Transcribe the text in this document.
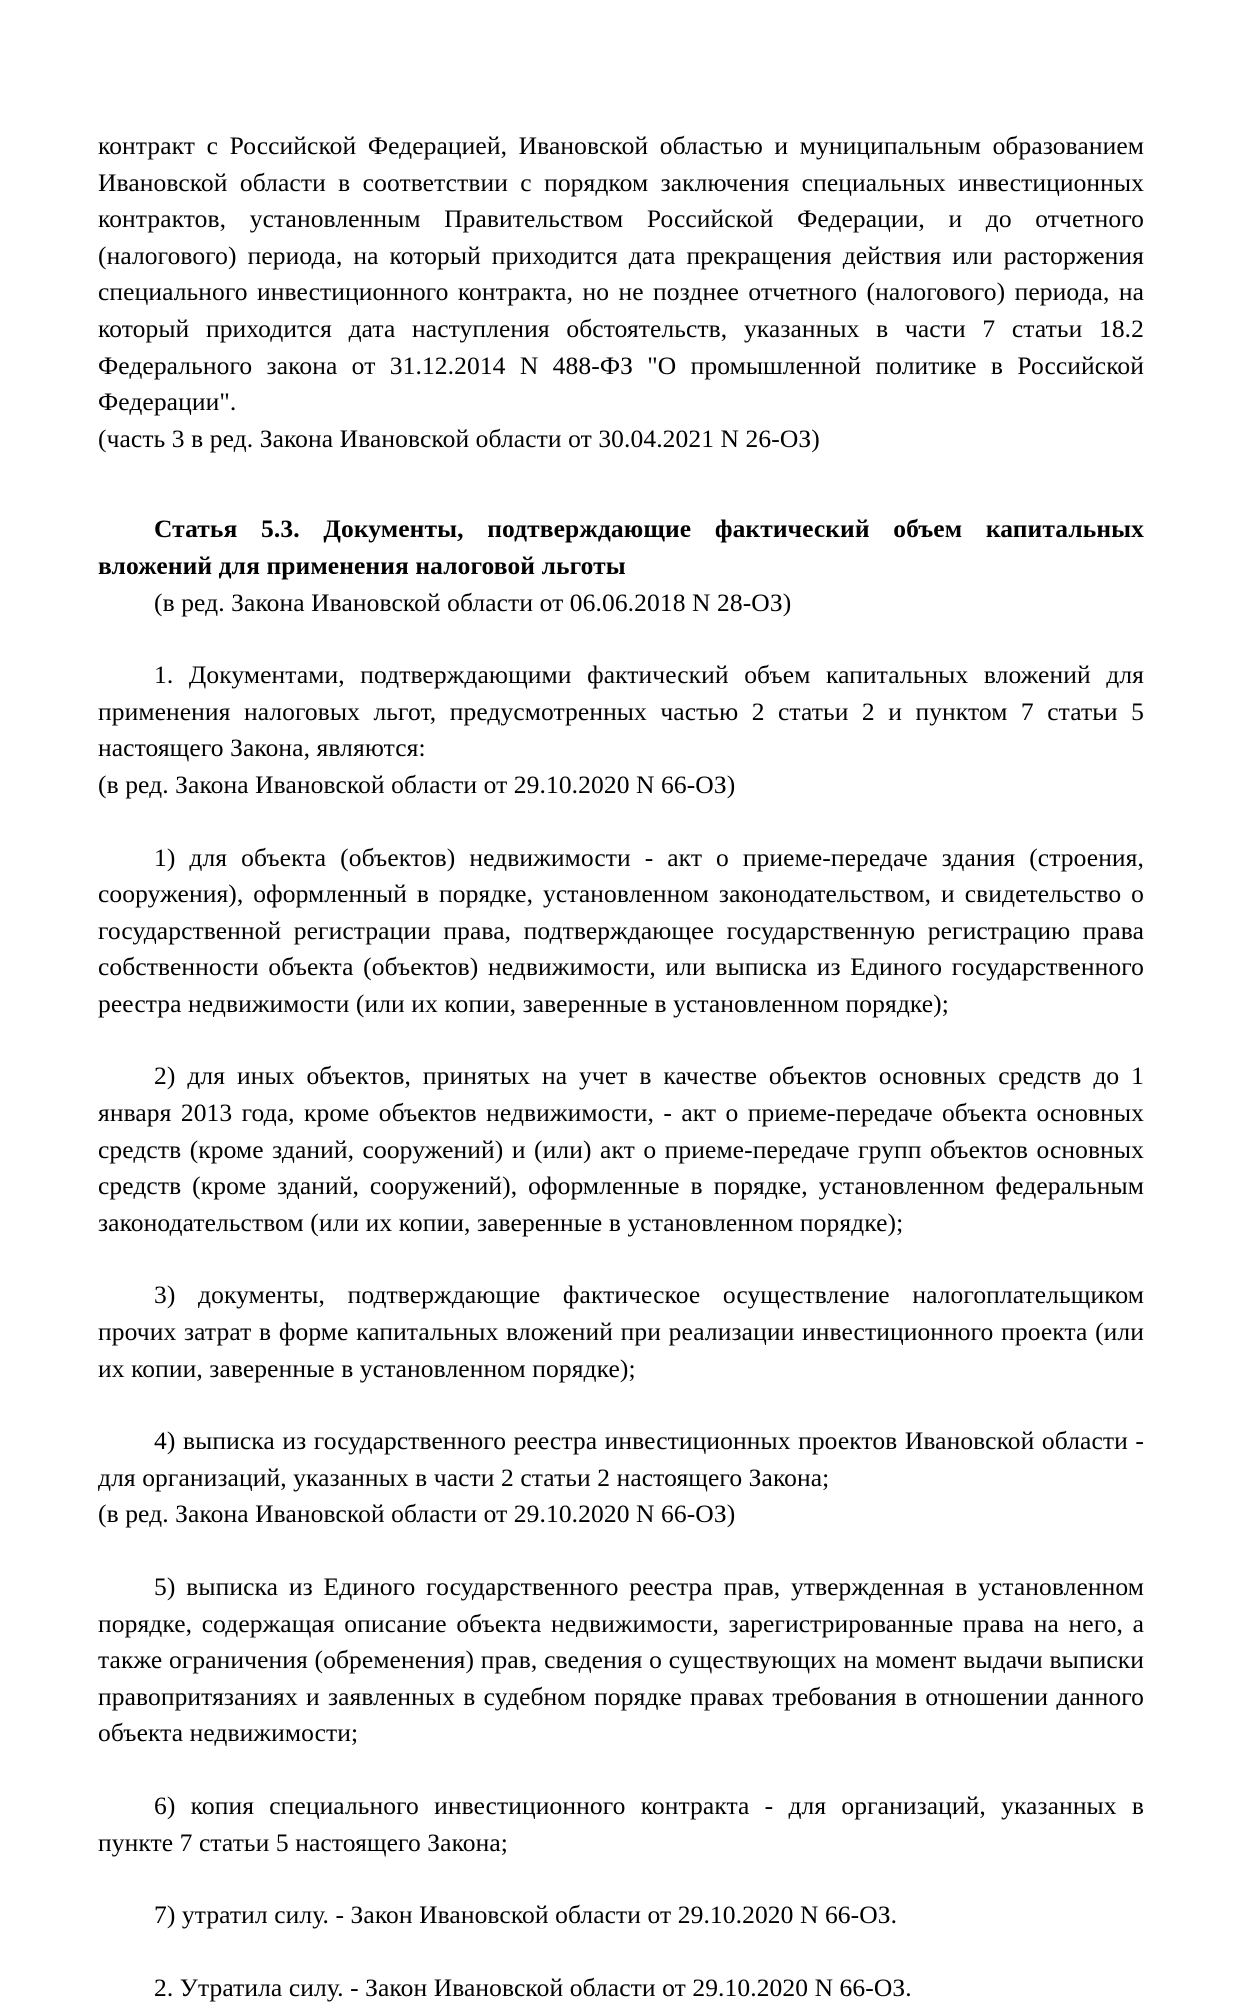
контракт с Российской Федерацией, Ивановской областью и муниципальным образованием Ивановской области в соответствии с порядком заключения специальных инвестиционных контрактов, установленным Правительством Российской Федерации, и до отчетного (налогового) периода, на который приходится дата прекращения действия или расторжения специального инвестиционного контракта, но не позднее отчетного (налогового) периода, на который приходится дата наступления обстоятельств, указанных в части 7 статьи 18.2 Федерального закона от 31.12.2014 N 488-ФЗ "О промышленной политике в Российской Федерации".

(часть 3 в ред. Закона Ивановской области от 30.04.2021 N 26-ОЗ)

Статья 5.3. Документы, подтверждающие фактический объем капитальных вложений для применения налоговой льготы

(в ред. Закона Ивановской области от 06.06.2018 N 28-ОЗ)

1. Документами, подтверждающими фактический объем капитальных вложений для применения налоговых льгот, предусмотренных частью 2 статьи 2 и пунктом 7 статьи 5 настоящего Закона, являются:

(в ред. Закона Ивановской области от 29.10.2020 N 66-ОЗ)

1) для объекта (объектов) недвижимости - акт о приеме-передаче здания (строения, сооружения), оформленный в порядке, установленном законодательством, и свидетельство о государственной регистрации права, подтверждающее государственную регистрацию права собственности объекта (объектов) недвижимости, или выписка из Единого государственного реестра недвижимости (или их копии, заверенные в установленном порядке);

2) для иных объектов, принятых на учет в качестве объектов основных средств до 1 января 2013 года, кроме объектов недвижимости, - акт о приеме-передаче объекта основных средств (кроме зданий, сооружений) и (или) акт о приеме-передаче групп объектов основных средств (кроме зданий, сооружений), оформленные в порядке, установленном федеральным законодательством (или их копии, заверенные в установленном порядке);

3) документы, подтверждающие фактическое осуществление налогоплательщиком прочих затрат в форме капитальных вложений при реализации инвестиционного проекта (или их копии, заверенные в установленном порядке);

4) выписка из государственного реестра инвестиционных проектов Ивановской области - для организаций, указанных в части 2 статьи 2 настоящего Закона;

(в ред. Закона Ивановской области от 29.10.2020 N 66-ОЗ)

5) выписка из Единого государственного реестра прав, утвержденная в установленном порядке, содержащая описание объекта недвижимости, зарегистрированные права на него, а также ограничения (обременения) прав, сведения о существующих на момент выдачи выписки правопритязаниях и заявленных в судебном порядке правах требования в отношении данного объекта недвижимости;

6) копия специального инвестиционного контракта - для организаций, указанных в пункте 7 статьи 5 настоящего Закона;

7) утратил силу. - Закон Ивановской области от 29.10.2020 N 66-ОЗ.

2. Утратила силу. - Закон Ивановской области от 29.10.2020 N 66-ОЗ.
